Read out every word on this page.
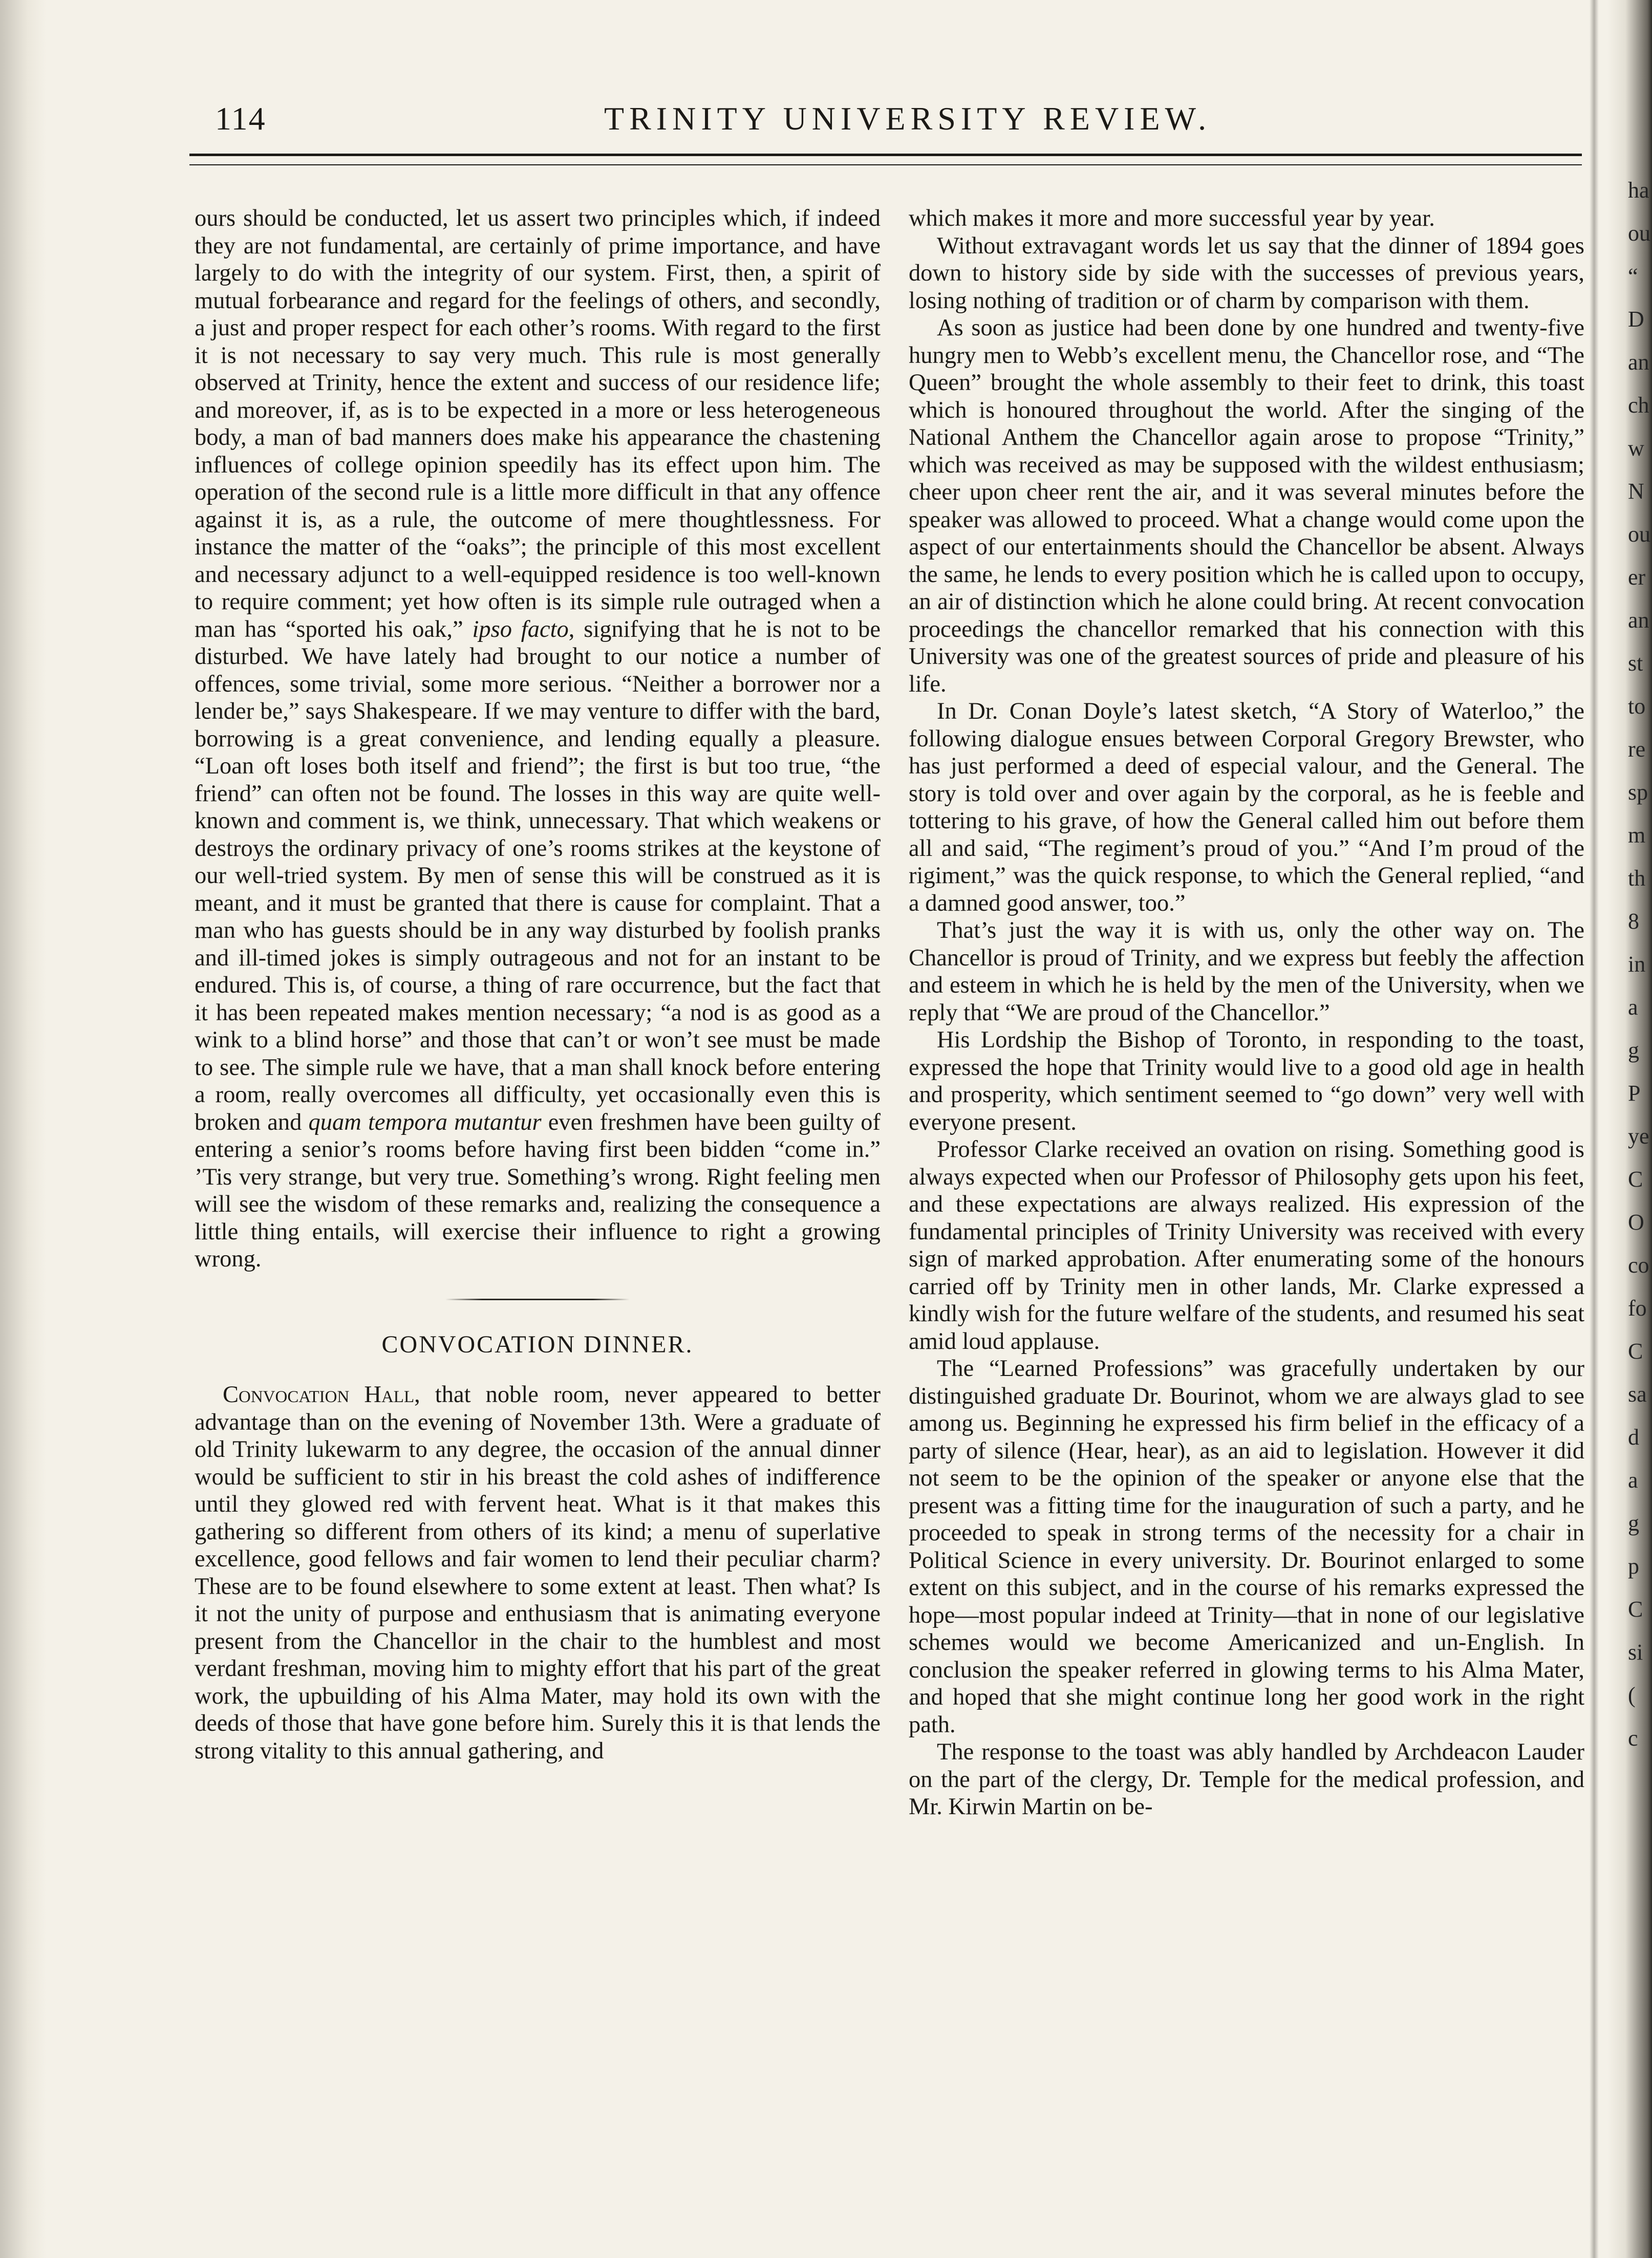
ha
ou
“
D
an
ch
w
N
ou
er
an
st
to
re
sp
m
th
8
in
a
g
P
ye
C
O
co
fo
C
sa
d
a
g
p
C
si
(
c
114	TRINITY UNIVERSITY REVIEW.

ours should be conducted, let us assert two principles which, if indeed they are not fundamental, are certainly of prime importance, and have largely to do with the integrity of our system. First, then, a spirit of mutual forbearance and regard for the feelings of others, and secondly, a just and proper respect for each other’s rooms. With regard to the first it is not necessary to say very much. This rule is most generally observed at Trinity, hence the extent and success of our residence life; and moreover, if, as is to be expected in a more or less heterogeneous body, a man of bad manners does make his appearance the chastening influences of college opinion speedily has its effect upon him. The operation of the second rule is a little more difficult in that any offence against it is, as a rule, the outcome of mere thoughtlessness. For instance the matter of the “oaks”; the principle of this most excellent and necessary adjunct to a well-equipped residence is too well-known to require comment; yet how often is its simple rule outraged when a man has “sported his oak,” ipso facto, signifying that he is not to be disturbed. We have lately had brought to our notice a number of offences, some trivial, some more serious. “Neither a borrower nor a lender be,” says Shakespeare. If we may venture to differ with the bard, borrowing is a great convenience, and lending equally a pleasure. “Loan oft loses both itself and friend”; the first is but too true, “the friend” can often not be found. The losses in this way are quite well-known and comment is, we think, unnecessary. That which weakens or destroys the ordinary privacy of one’s rooms strikes at the keystone of our well-tried system. By men of sense this will be construed as it is meant, and it must be granted that there is cause for complaint. That a man who has guests should be in any way disturbed by foolish pranks and ill-timed jokes is simply outrageous and not for an instant to be endured. This is, of course, a thing of rare occurrence, but the fact that it has been repeated makes mention necessary; “a nod is as good as a wink to a blind horse” and those that can’t or won’t see must be made to see. The simple rule we have, that a man shall knock before entering a room, really overcomes all difficulty, yet occasionally even this is broken and quam tempora mutantur even freshmen have been guilty of entering a senior’s rooms before having first been bidden “come in.” ’Tis very strange, but very true. Something’s wrong. Right feeling men will see the wisdom of these remarks and, realizing the consequence a little thing entails, will exercise their influence to right a growing wrong.

CONVOCATION DINNER.

Convocation Hall, that noble room, never appeared to better advantage than on the evening of November 13th. Were a graduate of old Trinity lukewarm to any degree, the occasion of the annual dinner would be sufficient to stir in his breast the cold ashes of indifference until they glowed red with fervent heat. What is it that makes this gathering so different from others of its kind; a menu of superlative excellence, good fellows and fair women to lend their peculiar charm? These are to be found elsewhere to some extent at least. Then what? Is it not the unity of purpose and enthusiasm that is animating everyone present from the Chancellor in the chair to the humblest and most verdant freshman, moving him to mighty effort that his part of the great work, the upbuilding of his Alma Mater, may hold its own with the deeds of those that have gone before him. Surely this it is that lends the strong vitality to this annual gathering, and

which makes it more and more successful year by year.

Without extravagant words let us say that the dinner of 1894 goes down to history side by side with the successes of previous years, losing nothing of tradition or of charm by comparison with them.

As soon as justice had been done by one hundred and twenty-five hungry men to Webb’s excellent menu, the Chancellor rose, and “The Queen” brought the whole assembly to their feet to drink, this toast which is honoured throughout the world. After the singing of the National Anthem the Chancellor again arose to propose “Trinity,” which was received as may be supposed with the wildest enthusiasm; cheer upon cheer rent the air, and it was several minutes before the speaker was allowed to proceed. What a change would come upon the aspect of our entertainments should the Chancellor be absent. Always the same, he lends to every position which he is called upon to occupy, an air of distinction which he alone could bring. At recent convocation proceedings the chancellor remarked that his connection with this University was one of the greatest sources of pride and pleasure of his life.

In Dr. Conan Doyle’s latest sketch, “A Story of Waterloo,” the following dialogue ensues between Corporal Gregory Brewster, who has just performed a deed of especial valour, and the General. The story is told over and over again by the corporal, as he is feeble and tottering to his grave, of how the General called him out before them all and said, “The regiment’s proud of you.” “And I’m proud of the rigiment,” was the quick response, to which the General replied, “and a damned good answer, too.”

That’s just the way it is with us, only the other way on. The Chancellor is proud of Trinity, and we express but feebly the affection and esteem in which he is held by the men of the University, when we reply that “We are proud of the Chancellor.”

His Lordship the Bishop of Toronto, in responding to the toast, expressed the hope that Trinity would live to a good old age in health and prosperity, which sentiment seemed to “go down” very well with everyone present.

Professor Clarke received an ovation on rising. Something good is always expected when our Professor of Philosophy gets upon his feet, and these expectations are always realized. His expression of the fundamental principles of Trinity University was received with every sign of marked approbation. After enumerating some of the honours carried off by Trinity men in other lands, Mr. Clarke expressed a kindly wish for the future welfare of the students, and resumed his seat amid loud applause.

The “Learned Professions” was gracefully undertaken by our distinguished graduate Dr. Bourinot, whom we are always glad to see among us. Beginning he expressed his firm belief in the efficacy of a party of silence (Hear, hear), as an aid to legislation. However it did not seem to be the opinion of the speaker or anyone else that the present was a fitting time for the inauguration of such a party, and he proceeded to speak in strong terms of the necessity for a chair in Political Science in every university. Dr. Bourinot enlarged to some extent on this subject, and in the course of his remarks expressed the hope—most popular indeed at Trinity—that in none of our legislative schemes would we become Americanized and un-English. In conclusion the speaker referred in glowing terms to his Alma Mater, and hoped that she might continue long her good work in the right path.

The response to the toast was ably handled by Archdeacon Lauder on the part of the clergy, Dr. Temple for the medical profession, and Mr. Kirwin Martin on be-
